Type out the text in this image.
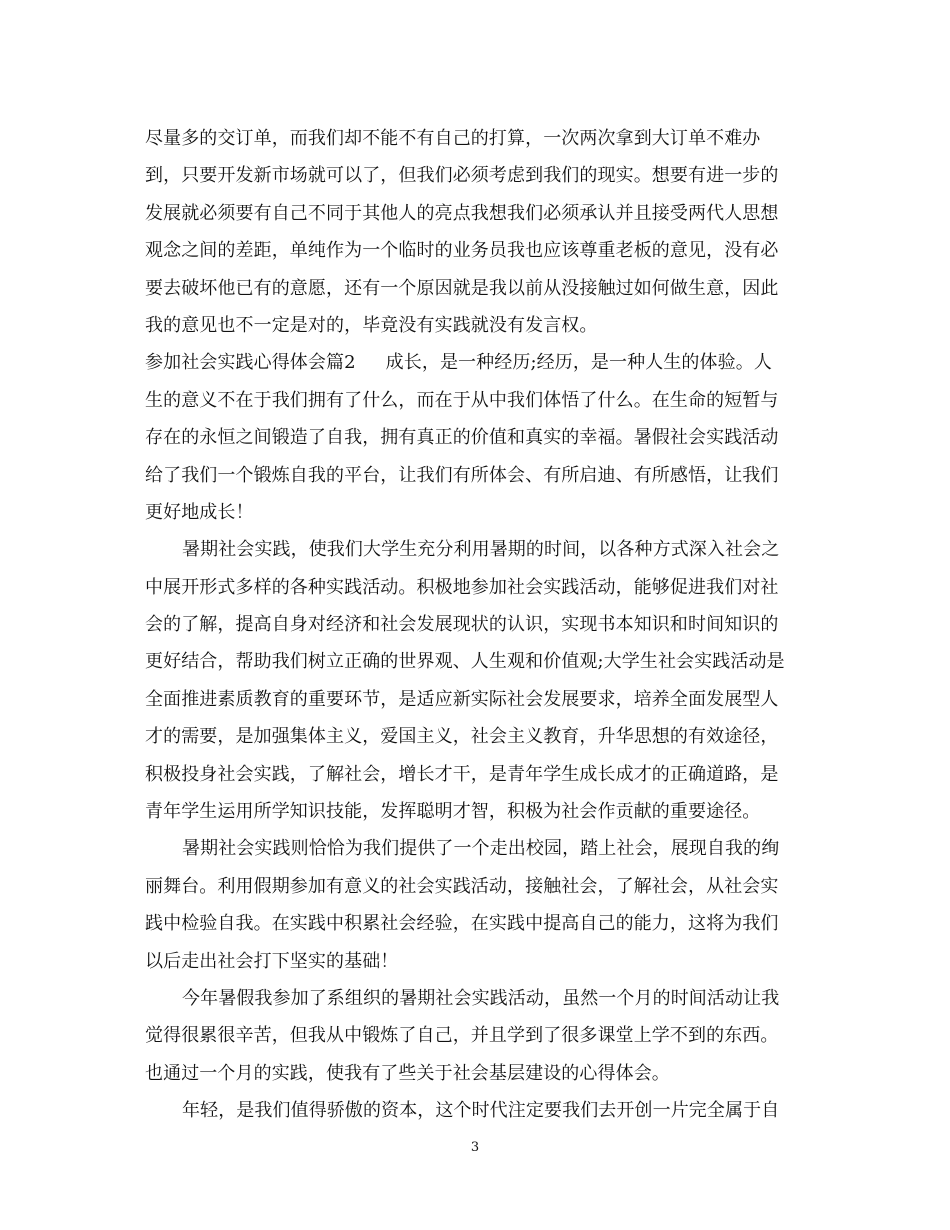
尽量多的交订单，而我们却不能不有自己的打算，一次两次拿到大订单不难办
到，只要开发新市场就可以了，但我们必须考虑到我们的现实。想要有进一步的
发展就必须要有自己不同于其他人的亮点我想我们必须承认并且接受两代人思想
观念之间的差距，单纯作为一个临时的业务员我也应该尊重老板的意见，没有必
要去破坏他已有的意愿，还有一个原因就是我以前从没接触过如何做生意，因此
我的意见也不一定是对的，毕竟没有实践就没有发言权。
参加社会实践心得体会篇2 成长，是一种经历;经历，是一种人生的体验。人
生的意义不在于我们拥有了什么，而在于从中我们体悟了什么。在生命的短暂与
存在的永恒之间锻造了自我，拥有真正的价值和真实的幸福。暑假社会实践活动
给了我们一个锻炼自我的平台，让我们有所体会、有所启迪、有所感悟，让我们
更好地成长！
暑期社会实践，使我们大学生充分利用暑期的时间，以各种方式深入社会之
中展开形式多样的各种实践活动。积极地参加社会实践活动，能够促进我们对社
会的了解，提高自身对经济和社会发展现状的认识，实现书本知识和时间知识的
更好结合，帮助我们树立正确的世界观、人生观和价值观;大学生社会实践活动是
全面推进素质教育的重要环节，是适应新实际社会发展要求，培养全面发展型人
才的需要，是加强集体主义，爱国主义，社会主义教育，升华思想的有效途径，
积极投身社会实践，了解社会，增长才干，是青年学生成长成才的正确道路，是
青年学生运用所学知识技能，发挥聪明才智，积极为社会作贡献的重要途径。
暑期社会实践则恰恰为我们提供了一个走出校园，踏上社会，展现自我的绚
丽舞台。利用假期参加有意义的社会实践活动，接触社会，了解社会，从社会实
践中检验自我。在实践中积累社会经验，在实践中提高自己的能力，这将为我们
以后走出社会打下坚实的基础！
今年暑假我参加了系组织的暑期社会实践活动，虽然一个月的时间活动让我
觉得很累很辛苦，但我从中锻炼了自己，并且学到了很多课堂上学不到的东西。
也通过一个月的实践，使我有了些关于社会基层建设的心得体会。
年轻，是我们值得骄傲的资本，这个时代注定要我们去开创一片完全属于自
3
